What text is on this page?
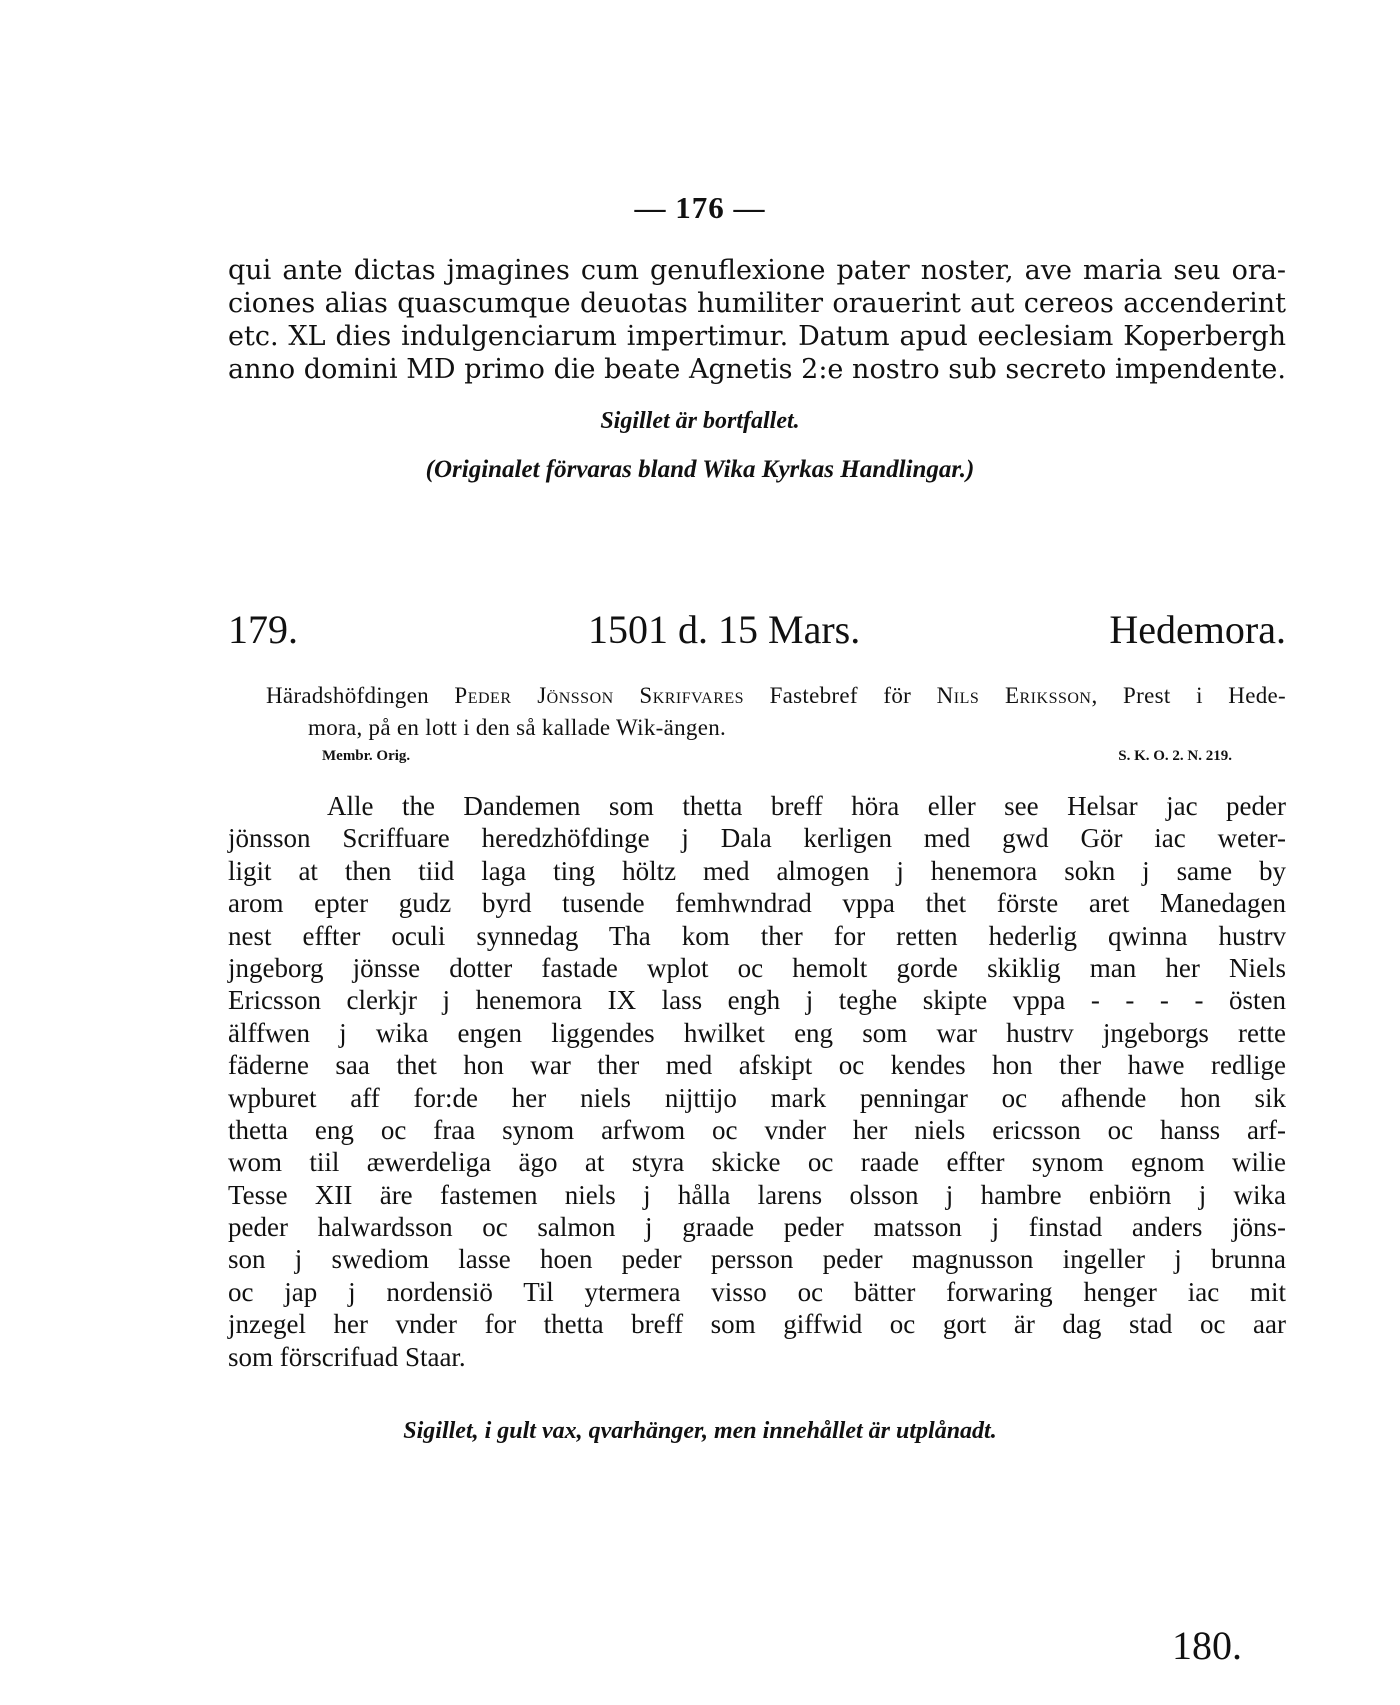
— 176 —
qui ante dictas jmagines cum genuflexione pater noster, ave maria seu ora-
ciones alias quascumque deuotas humiliter orauerint aut cereos accenderint
etc. XL dies indulgenciarum impertimur. Datum apud eeclesiam Koperbergh
anno domini MD primo die beate Agnetis 2:e nostro sub secreto impendente.
Sigillet är bortfallet.
(Originalet förvaras bland Wika Kyrkas Handlingar.)
179.	1501 d. 15 Mars.	Hedemora.
Häradshöfdingen Peder Jönsson Skrifvares Fastebref för Nils Eriksson, Prest i Hede-
mora, på en lott i den så kallade Wik-ängen.
Membr. Orig.	S. K. O. 2. N. 219.
Alle the Dandemen som thetta breff höra eller see Helsar jac peder
jönsson Scriffuare heredzhöfdinge j Dala kerligen med gwd Gör iac weter-
ligit at then tiid laga ting höltz med almogen j henemora sokn j same by
arom epter gudz byrd tusende femhwndrad vppa thet förste aret Manedagen
nest effter oculi synnedag Tha kom ther for retten hederlig qwinna hustrv
jngeborg jönsse dotter fastade wplot oc hemolt gorde skiklig man her Niels
Ericsson clerkjr j henemora IX lass engh j teghe skipte vppa - - - - östen
älffwen j wika engen liggendes hwilket eng som war hustrv jngeborgs rette
fäderne saa thet hon war ther med afskipt oc kendes hon ther hawe redlige
wpburet aff for:de her niels nijttijo mark penningar oc afhende hon sik
thetta eng oc fraa synom arfwom oc vnder her niels ericsson oc hanss arf-
wom tiil æwerdeliga ägo at styra skicke oc raade effter synom egnom wilie
Tesse XII äre fastemen niels j hålla larens olsson j hambre enbiörn j wika
peder halwardsson oc salmon j graade peder matsson j finstad anders jöns-
son j swediom lasse hoen peder persson peder magnusson ingeller j brunna
oc jap j nordensiö Til ytermera visso oc bätter forwaring henger iac mit
jnzegel her vnder for thetta breff som giffwid oc gort är dag stad oc aar
som förscrifuad Staar.
Sigillet, i gult vax, qvarhänger, men innehållet är utplånadt.
180.
